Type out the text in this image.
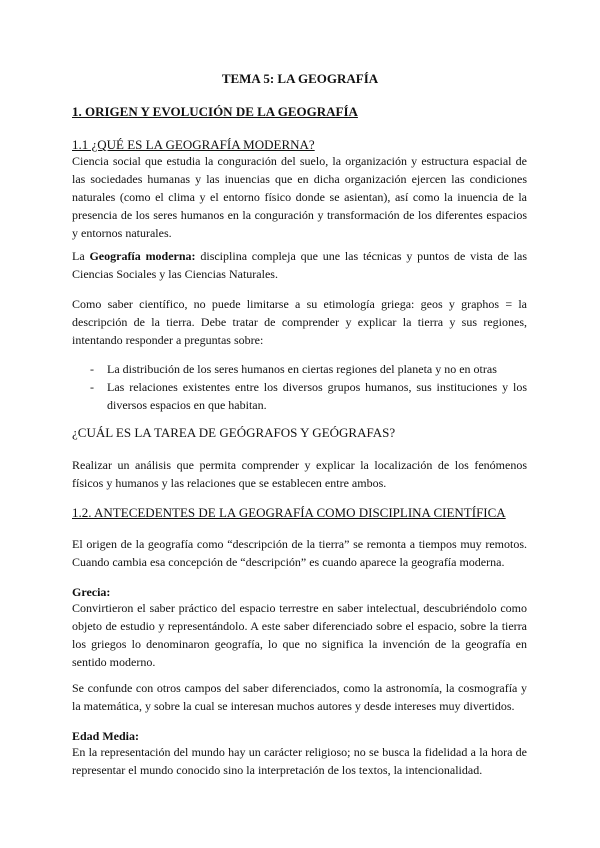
TEMA 5: LA GEOGRAFÍA
1. ORIGEN Y EVOLUCIÓN DE LA GEOGRAFÍA
1.1 ¿QUÉ ES LA GEOGRAFÍA MODERNA?

Ciencia social que estudia la conguración del suelo, la organización y estructura espacial de las sociedades humanas y las inuencias que en dicha organización ejercen las condiciones naturales (como el clima y el entorno físico donde se asientan), así como la inuencia de la presencia de los seres humanos en la conguración y transformación de los diferentes espacios y entornos naturales.

La Geografía moderna: disciplina compleja que une las técnicas y puntos de vista de las Ciencias Sociales y las Ciencias Naturales.

Como saber científico, no puede limitarse a su etimología griega: geos y graphos = la descripción de la tierra. Debe tratar de comprender y explicar la tierra y sus regiones, intentando responder a preguntas sobre:

- La distribución de los seres humanos en ciertas regiones del planeta y no en otras
- Las relaciones existentes entre los diversos grupos humanos, sus instituciones y los diversos espacios en que habitan.
¿CUÁL ES LA TAREA DE GEÓGRAFOS Y GEÓGRAFAS?

Realizar un análisis que permita comprender y explicar la localización de los fenómenos físicos y humanos y las relaciones que se establecen entre ambos.

1.2. ANTECEDENTES DE LA GEOGRAFÍA COMO DISCIPLINA CIENTÍFICA

El origen de la geografía como “descripción de la tierra” se remonta a tiempos muy remotos. Cuando cambia esa concepción de “descripción” es cuando aparece la geografía moderna.

Grecia:

Convirtieron el saber práctico del espacio terrestre en saber intelectual, descubriéndolo como objeto de estudio y representándolo. A este saber diferenciado sobre el espacio, sobre la tierra los griegos lo denominaron geografía, lo que no significa la invención de la geografía en sentido moderno.

Se confunde con otros campos del saber diferenciados, como la astronomía, la cosmografía y la matemática, y sobre la cual se interesan muchos autores y desde intereses muy divertidos.

Edad Media:

En la representación del mundo hay un carácter religioso; no se busca la fidelidad a la hora de representar el mundo conocido sino la interpretación de los textos, la intencionalidad.
